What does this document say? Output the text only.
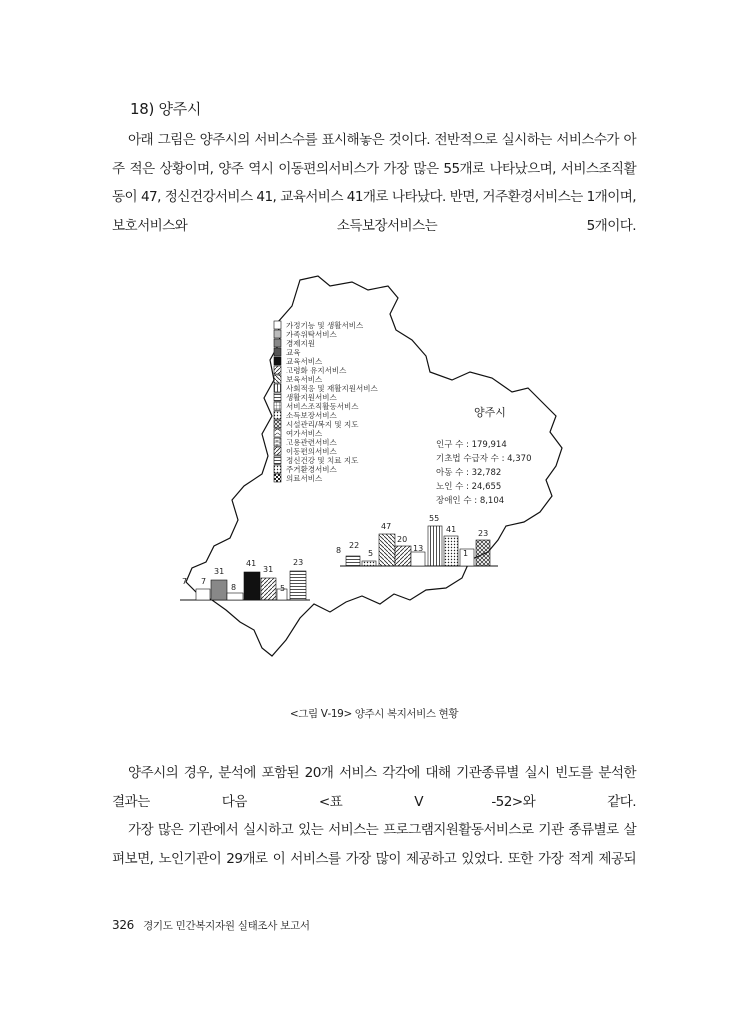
18) 양주시

아래 그림은 양주시의 서비스수를 표시해놓은 것이다. 전반적으로 실시하는 서비스수가 아
주 적은 상황이며, 양주 역시 이동편의서비스가 가장 많은 55개로 나타났으며, 서비스조직활
동이 47, 정신건강서비스 41, 교육서비스 41개로 나타났다. 반면, 거주환경서비스는 1개이며,
보호서비스와 소득보장서비스는 5개이다.

가정기능 및 생활서비스
가족위탁서비스
경제지원
교육
교육서비스
고령화 유지서비스
보육서비스
사회적응 및 재활지원서비스
생활지원서비스
서비스조직활동서비스
소득보장서비스
시설관리/복지 및 지도
여가서비스
고용관련서비스
이동편의서비스
정신건강 및 치료 지도
주거환경서비스
의료서비스
양주시
인구 수 : 179,914
기초법 수급자 수 : 4,370
아동 수 : 32,782
노인 수 : 24,655
장애인 수 : 8,104
7 7
31
8
41
31
5
23
8
22
5
47
20
13
55
41
1
23
<그림 Ⅴ-19> 양주시 복지서비스 현황

양주시의 경우, 분석에 포함된 20개 서비스 각각에 대해 기관종류별 실시 빈도를 분석한
결과는 다음 <표 Ⅴ-52>와 같다.

가장 많은 기관에서 실시하고 있는 서비스는 프로그램지원활동서비스로 기관 종류별로 살
펴보면, 노인기관이 29개로 이 서비스를 가장 많이 제공하고 있었다. 또한 가장 적게 제공되

326 경기도 민간복지자원 실태조사 보고서
